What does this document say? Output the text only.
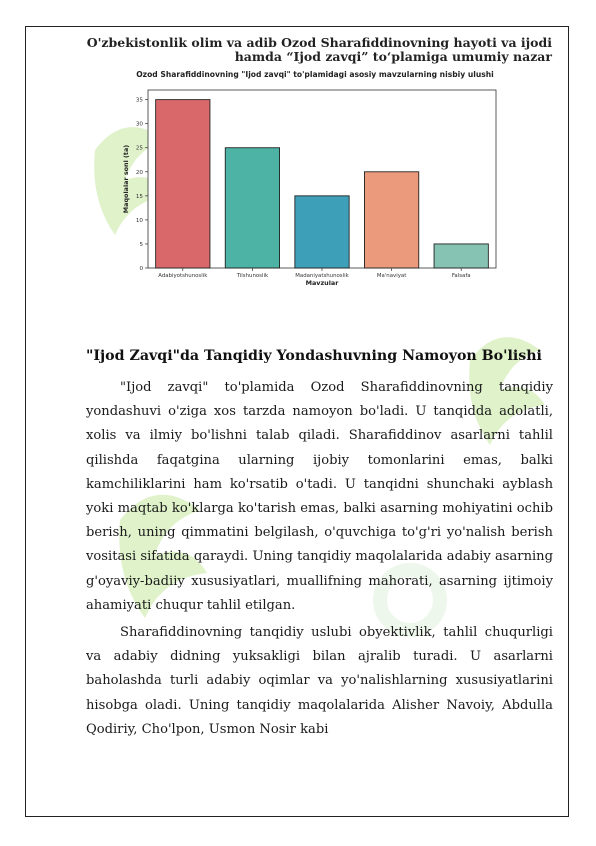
O'zbekistonlik olim va adib Ozod Sharafiddinovning hayoti va ijodi
hamda “Ijod zavqi” to‘plamiga umumiy nazar
Ozod Sharafiddinovning "Ijod zavqi" to'plamidagi asosiy mavzularning nisbiy ulushi
0
5
10
15
20
25
30
35
Adabiyotshunoslik	Tilshunoslik	Madaniyatshunoslik	Ma'naviyat	Falsafa
Mavzular
Maqolalar soni (ta)
"Ijod Zavqi"da Tanqidiy Yondashuvning Namoyon Bo'lishi

"Ijod zavqi" to'plamida Ozod Sharafiddinovning tanqidiy yondashuvi o'ziga xos tarzda namoyon bo'ladi. U tanqidda adolatli, xolis va ilmiy bo'lishni talab qiladi. Sharafiddinov asarlarni tahlil qilishda faqatgina ularning ijobiy tomonlarini emas, balki kamchiliklarini ham ko'rsatib o'tadi. U tanqidni shunchaki ayblash yoki maqtab ko'klarga ko'tarish emas, balki asarning mohiyatini ochib berish, uning qimmatini belgilash, o'quvchiga to'g'ri yo'nalish berish vositasi sifatida qaraydi. Uning tanqidiy maqolalarida adabiy asarning g'oyaviy-badiiy xususiyatlari, muallifning mahorati, asarning ijtimoiy ahamiyati chuqur tahlil etilgan.

Sharafiddinovning tanqidiy uslubi obyektivlik, tahlil chuqurligi va adabiy didning yuksakligi bilan ajralib turadi. U asarlarni baholashda turli adabiy oqimlar va yo'nalishlarning xususiyatlarini hisobga oladi. Uning tanqidiy maqolalarida Alisher Navoiy, Abdulla Qodiriy, Cho'lpon, Usmon Nosir kabi
